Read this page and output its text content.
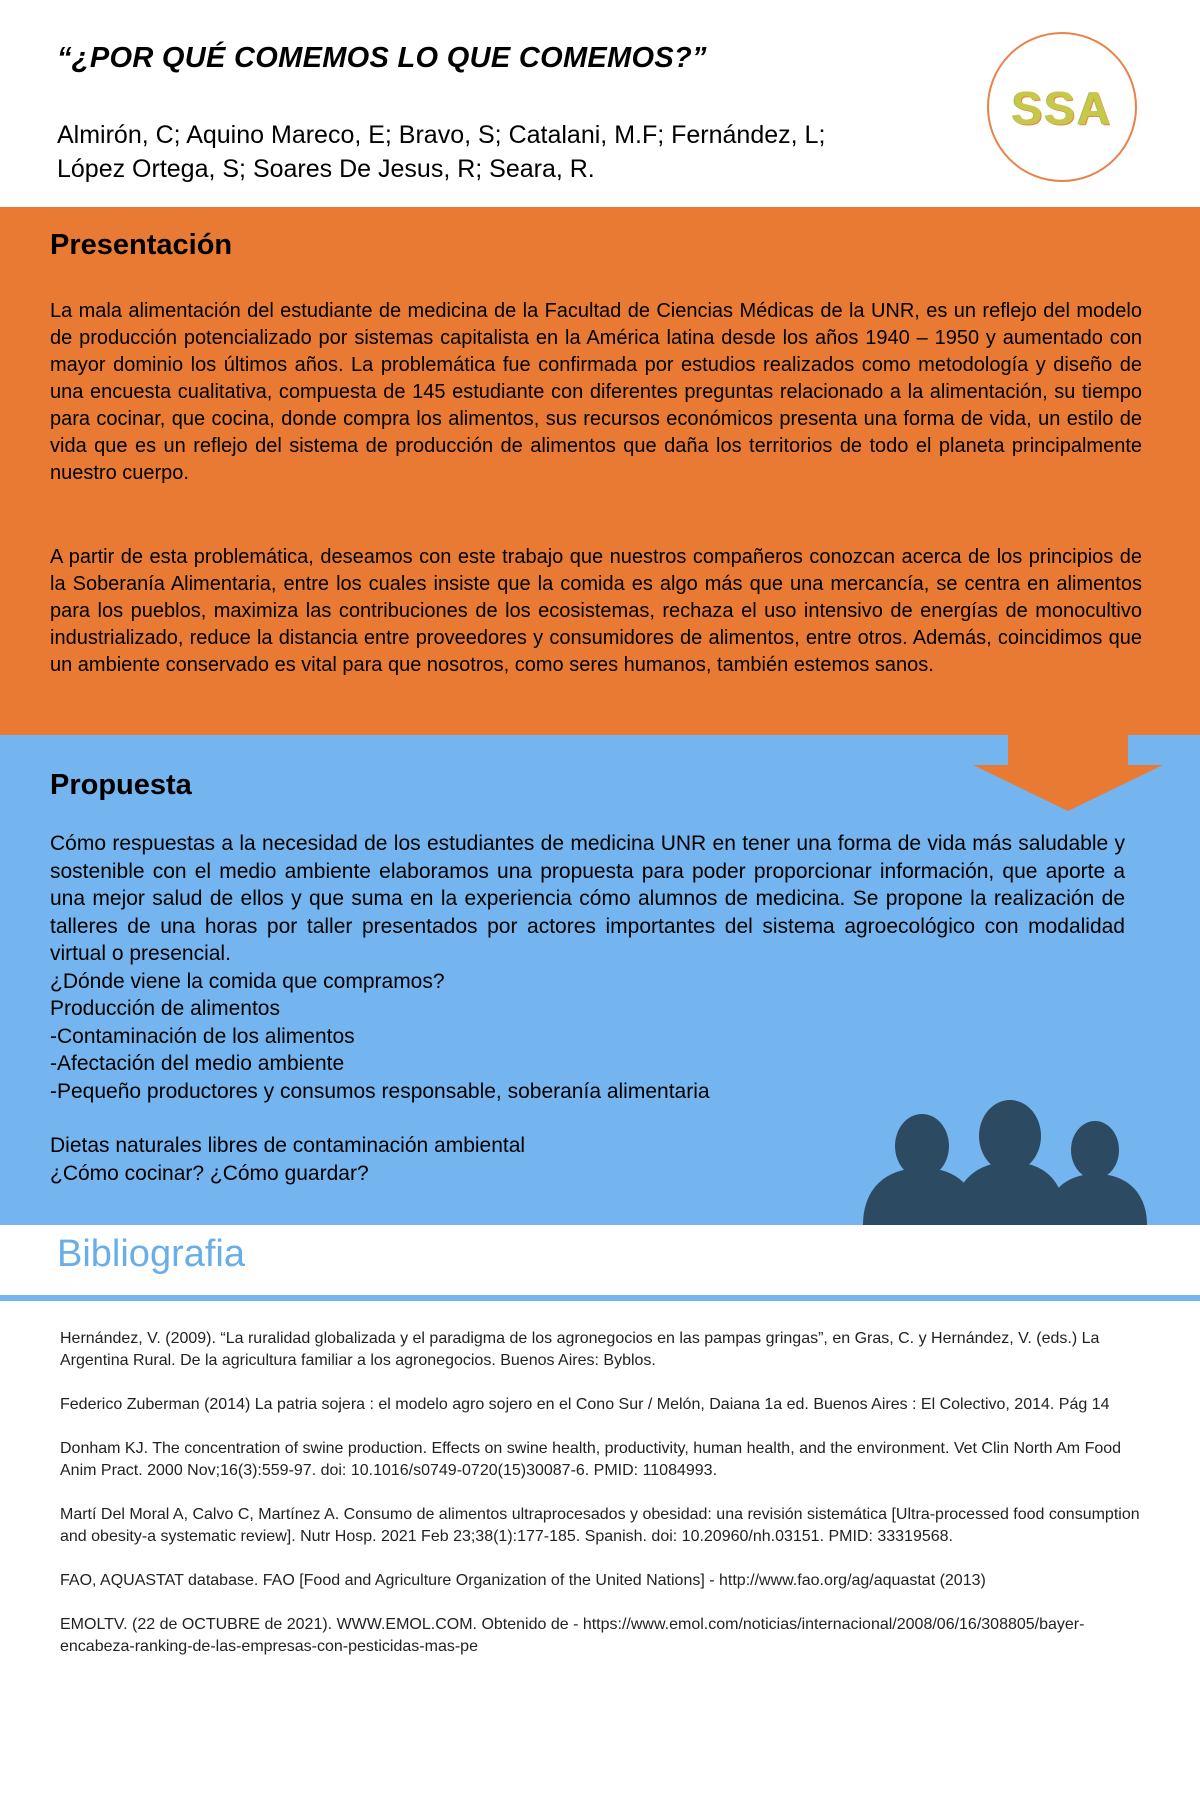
“¿POR QUÉ COMEMOS LO QUE COMEMOS?”
Almirón, C; Aquino Mareco, E; Bravo, S; Catalani, M.F; Fernández, L;
López Ortega, S; Soares De Jesus, R; Seara, R.
SSA
Presentación

La mala alimentación del estudiante de medicina de la Facultad de Ciencias Médicas de la UNR, es un reflejo del modelo de producción potencializado por sistemas capitalista en la América latina desde los años 1940 – 1950 y aumentado con mayor dominio los últimos años. La problemática fue confirmada por estudios realizados como metodología y diseño de una encuesta cualitativa, compuesta de 145 estudiante con diferentes preguntas relacionado a la alimentación, su tiempo para cocinar, que cocina, donde compra los alimentos, sus recursos económicos presenta una forma de vida, un estilo de vida que es un reflejo del sistema de producción de alimentos que daña los territorios de todo el planeta principalmente nuestro cuerpo.

A partir de esta problemática, deseamos con este trabajo que nuestros compañeros conozcan acerca de los principios de la Soberanía Alimentaria, entre los cuales insiste que la comida es algo más que una mercancía, se centra en alimentos para los pueblos, maximiza las contribuciones de los ecosistemas, rechaza el uso intensivo de energías de monocultivo industrializado, reduce la distancia entre proveedores y consumidores de alimentos, entre otros. Además, coincidimos que un ambiente conservado es vital para que nosotros, como seres humanos, también estemos sanos.

Propuesta

Cómo respuestas a la necesidad de los estudiantes de medicina UNR en tener una forma de vida más saludable y sostenible con el medio ambiente elaboramos una propuesta para poder proporcionar información, que aporte a una mejor salud de ellos y que suma en la experiencia cómo alumnos de medicina. Se propone la realización de talleres de una horas por taller presentados por actores importantes del sistema agroecológico con modalidad virtual o presencial.

¿Dónde viene la comida que compramos?
Producción de alimentos
-Contaminación de los alimentos
-Afectación del medio ambiente
-Pequeño productores y consumos responsable, soberanía alimentaria
Dietas naturales libres de contaminación ambiental
¿Cómo cocinar? ¿Cómo guardar?
Bibliografia

Hernández, V. (2009). “La ruralidad globalizada y el paradigma de los agronegocios en las pampas gringas”, en Gras, C. y Hernández, V. (eds.) La Argentina Rural. De la agricultura familiar a los agronegocios. Buenos Aires: Byblos.

Federico Zuberman (2014) La patria sojera : el modelo agro sojero en el Cono Sur / Melón, Daiana 1a ed. Buenos Aires : El Colectivo, 2014. Pág 14

Donham KJ. The concentration of swine production. Effects on swine health, productivity, human health, and the environment. Vet Clin North Am Food Anim Pract. 2000 Nov;16(3):559-97. doi: 10.1016/s0749-0720(15)30087-6. PMID: 11084993.

Martí Del Moral A, Calvo C, Martínez A. Consumo de alimentos ultraprocesados y obesidad: una revisión sistemática [Ultra-processed food consumption and obesity-a systematic review]. Nutr Hosp. 2021 Feb 23;38(1):177-185. Spanish. doi: 10.20960/nh.03151. PMID: 33319568.

FAO, AQUASTAT database. FAO [Food and Agriculture Organization of the United Nations] - http://www.fao.org/ag/aquastat (2013)

EMOLTV. (22 de OCTUBRE de 2021). WWW.EMOL.COM. Obtenido de - https://www.emol.com/noticias/internacional/2008/06/16/308805/bayer-encabeza-ranking-de-las-empresas-con-pesticidas-mas-pe
